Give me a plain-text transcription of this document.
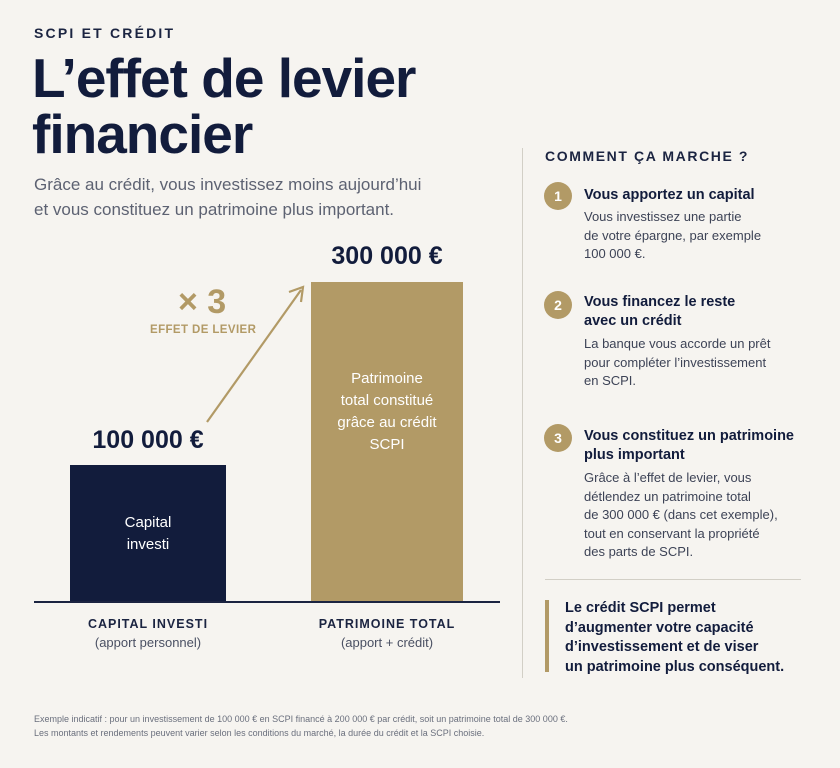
SCPI ET CRÉDIT
L’effet de levier
financier
Grâce au crédit, vous investissez moins aujourd’hui
et vous constituez un patrimoine plus important.
100 000 €
Capital
investi
300 000 €
Patrimoine
total constitué
grâce au crédit
SCPI
× 3
EFFET DE LEVIER
CAPITAL INVESTI
(apport personnel)
PATRIMOINE TOTAL
(apport + crédit)
COMMENT ÇA MARCHE ?
1	Vous apportez un capital
Vous investissez une partie
de votre épargne, par exemple
100 000 €.
2	Vous financez le reste
avec un crédit
La banque vous accorde un prêt
pour compléter l’investissement
en SCPI.
3	Vous constituez un patrimoine
plus important
Grâce à l’effet de levier, vous
détlendez un patrimoine total
de 300 000 € (dans cet exemple),
tout en conservant la propriété
des parts de SCPI.
Le crédit SCPI permet
d’augmenter votre capacité
d’investissement et de viser
un patrimoine plus conséquent.
Exemple indicatif : pour un investissement de 100 000 € en SCPI financé à 200 000 € par crédit, soit un patrimoine total de 300 000 €.
Les montants et rendements peuvent varier selon les conditions du marché, la durée du crédit et la SCPI choisie.
